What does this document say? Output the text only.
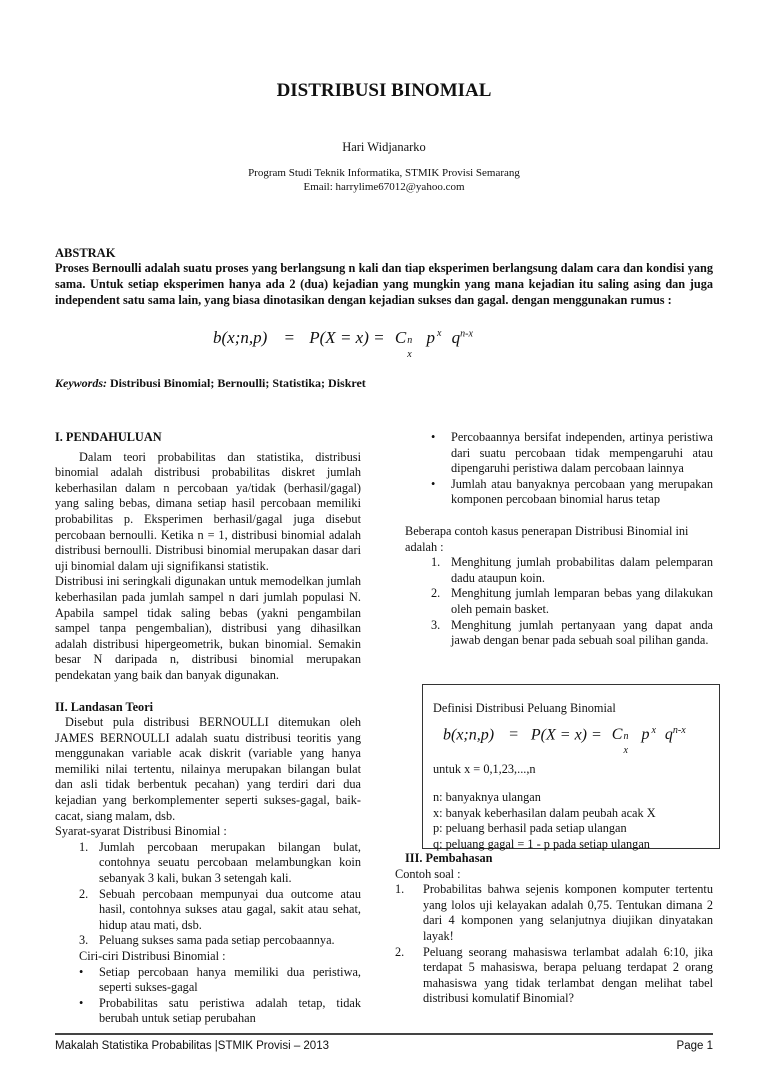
DISTRIBUSI BINOMIAL
Hari Widjanarko
Program Studi Teknik Informatika, STMIK Provisi Semarang
Email: harrylime67012@yahoo.com
ABSTRAK
Proses Bernoulli adalah suatu proses yang berlangsung n kali dan tiap eksperimen berlangsung dalam cara dan kondisi yang sama. Untuk setiap eksperimen hanya ada 2 (dua) kejadian yang mungkin yang mana kejadian itu saling asing dan juga independent satu sama lain, yang biasa dinotasikan dengan kejadian sukses dan gagal. dengan menggunakan rumus :
b(x;n,p) = P(X = x) = C n
x
p $^x$ $q^{n-x}$
Keywords: Distribusi Binomial; Bernoulli; Statistika; Diskret
I. PENDAHULUAN
Dalam teori probabilitas dan statistika, distribusi binomial adalah distribusi probabilitas diskret jumlah keberhasilan dalam n percobaan ya/tidak (berhasil/gagal) yang saling bebas, dimana setiap hasil percobaan memiliki probabilitas p. Eksperimen berhasil/gagal juga disebut percobaan bernoulli. Ketika n = 1, distribusi binomial adalah distribusi bernoulli. Distribusi binomial merupakan dasar dari uji binomial dalam uji signifikansi statistik.
Distribusi ini seringkali digunakan untuk memodelkan jumlah keberhasilan pada jumlah sampel n dari jumlah populasi N. Apabila sampel tidak saling bebas (yakni pengambilan sampel tanpa pengembalian), distribusi yang dihasilkan adalah distribusi hipergeometrik, bukan binomial. Semakin besar N daripada n, distribusi binomial merupakan pendekatan yang baik dan banyak digunakan.
II. Landasan Teori
Disebut pula distribusi BERNOULLI ditemukan oleh JAMES BERNOULLI adalah suatu distribusi teoritis yang menggunakan variable acak diskrit (variable yang hanya memiliki nilai tertentu, nilainya merupakan bilangan bulat dan asli tidak berbentuk pecahan) yang terdiri dari dua kejadian yang berkomplementer seperti sukses-gagal, baik-cacat, siang malam, dsb.
Syarat-syarat Distribusi Binomial :
1. Jumlah percobaan merupakan bilangan bulat, contohnya seuatu percobaan melambungkan koin sebanyak 3 kali, bukan 3 setengah kali.
2. Sebuah percobaan mempunyai dua outcome atau hasil, contohnya sukses atau gagal, sakit atau sehat, hidup atau mati, dsb.
3. Peluang sukses sama pada setiap percobaannya.
Ciri-ciri Distribusi Binomial :
• Setiap percobaan hanya memiliki dua peristiwa, seperti sukses-gagal
• Probabilitas satu peristiwa adalah tetap, tidak berubah untuk setiap perubahan
• Percobaannya bersifat independen, artinya peristiwa dari suatu percobaan tidak mempengaruhi atau dipengaruhi peristiwa dalam percobaan lainnya
• Jumlah atau banyaknya percobaan yang merupakan komponen percobaan binomial harus tetap
Beberapa contoh kasus penerapan Distribusi Binomial ini adalah :
1. Menghitung jumlah probabilitas dalam pelemparan dadu ataupun koin.
2. Menghitung jumlah lemparan bebas yang dilakukan oleh pemain basket.
3. Menghitung jumlah pertanyaan yang dapat anda jawab dengan benar pada sebuah soal pilihan ganda.
Definisi Distribusi Peluang Binomial
b(x;n,p) = P(X = x) = C n
x
p $^x$ $q^{n-x}$
untuk x = 0,1,23,...,n
n: banyaknya ulangan
x: banyak keberhasilan dalam peubah acak X
p: peluang berhasil pada setiap ulangan
q: peluang gagal = 1 - p pada setiap ulangan
III. Pembahasan
Contoh soal :
1. Probabilitas bahwa sejenis komponen komputer tertentu yang lolos uji kelayakan adalah 0,75. Tentukan dimana 2 dari 4 komponen yang selanjutnya diujikan dinyatakan layak!
2. Peluang seorang mahasiswa terlambat adalah 6:10, jika terdapat 5 mahasiswa, berapa peluang terdapat 2 orang mahasiswa yang tidak terlambat dengan melihat tabel distribusi komulatif Binomial?
Makalah Statistika Probabilitas |STMIK Provisi – 2013	Page 1
